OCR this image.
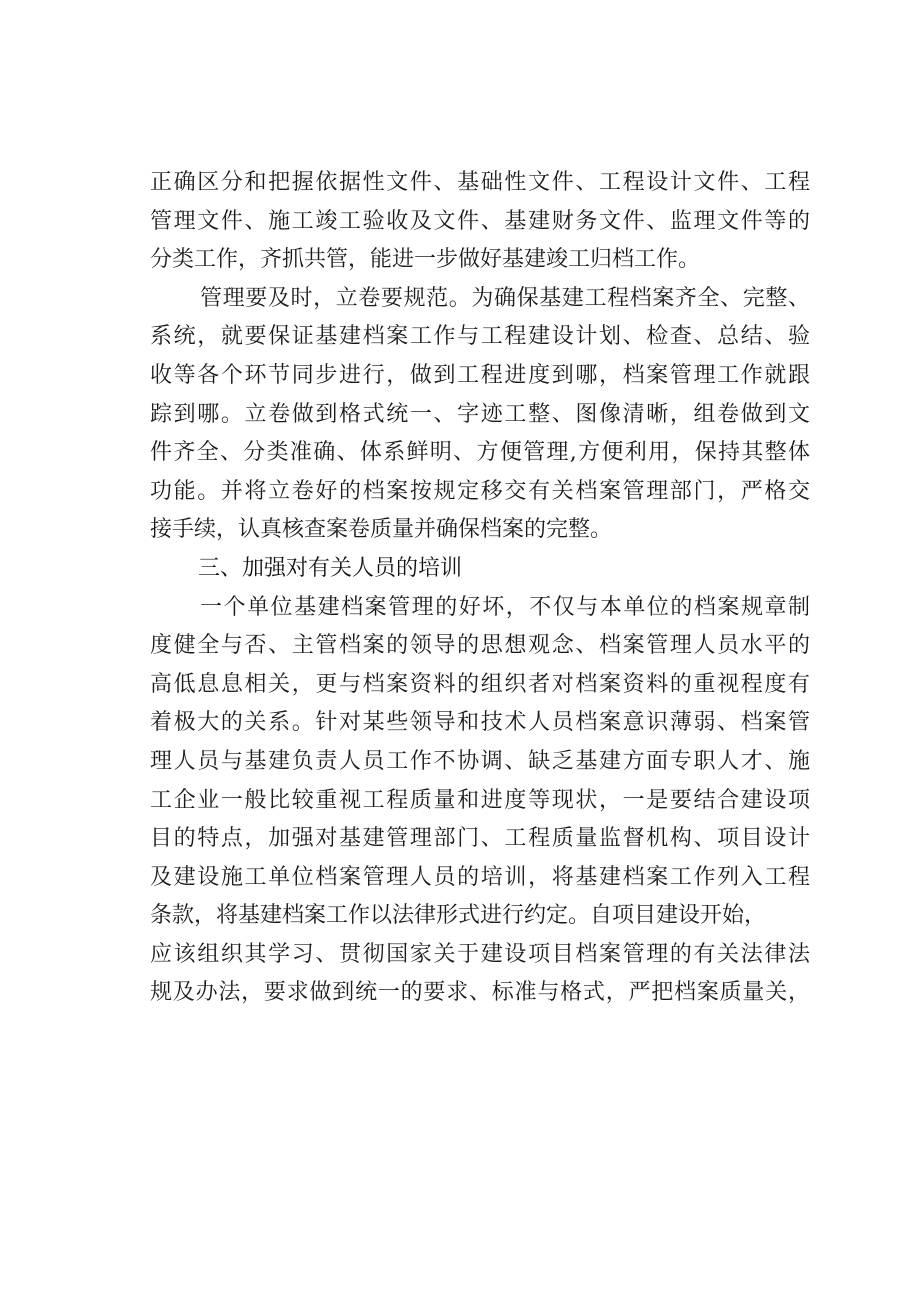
正确区分和把握依据性文件、基础性文件、工程设计文件、工程
管理文件、施工竣工验收及文件、基建财务文件、监理文件等的
分类工作，齐抓共管，能进一步做好基建竣工归档工作。
管理要及时，立卷要规范。为确保基建工程档案齐全、完整、
系统，就要保证基建档案工作与工程建设计划、检查、总结、验
收等各个环节同步进行，做到工程进度到哪，档案管理工作就跟
踪到哪。立卷做到格式统一、字迹工整、图像清晰，组卷做到文
件齐全、分类准确、体系鲜明、方便管理,方便利用，保持其整体
功能。并将立卷好的档案按规定移交有关档案管理部门，严格交
接手续，认真核查案卷质量并确保档案的完整。
三、加强对有关人员的培训
一个单位基建档案管理的好坏，不仅与本单位的档案规章制
度健全与否、主管档案的领导的思想观念、档案管理人员水平的
高低息息相关，更与档案资料的组织者对档案资料的重视程度有
着极大的关系。针对某些领导和技术人员档案意识薄弱、档案管
理人员与基建负责人员工作不协调、缺乏基建方面专职人才、施
工企业一般比较重视工程质量和进度等现状，一是要结合建设项
目的特点，加强对基建管理部门、工程质量监督机构、项目设计
及建设施工单位档案管理人员的培训，将基建档案工作列入工程
条款，将基建档案工作以法律形式进行约定。自项目建设开始，
应该组织其学习、贯彻国家关于建设项目档案管理的有关法律法
规及办法，要求做到统一的要求、标准与格式，严把档案质量关，
